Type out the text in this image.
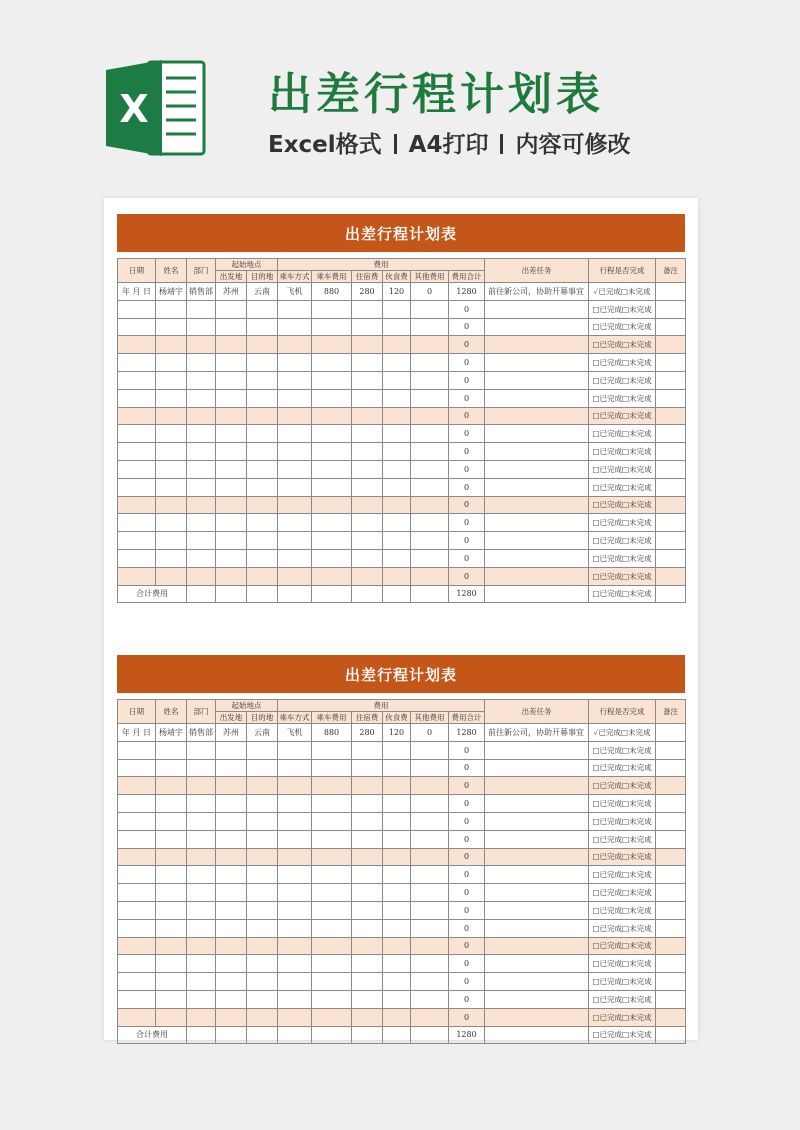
X	出差行程计划表
Excel格式 A4打印 内容可修改
出差行程计划表
日期	姓名	部门	起始地点		费用						出差任务	行程是否完成	备注
			出发地	目的地	乘车方式	乘车费用	住宿费	伙食费	其他费用	费用合计			
年 月 日	杨靖宇	销售部	苏州	云南	飞机	880	280	120	0	1280	前往新公司，协助开幕事宜	✓已完成□未完成	
										0		□已完成□未完成	
										0		□已完成□未完成	
										0		□已完成□未完成	
										0		□已完成□未完成	
										0		□已完成□未完成	
										0		□已完成□未完成	
										0		□已完成□未完成	
										0		□已完成□未完成	
										0		□已完成□未完成	
										0		□已完成□未完成	
										0		□已完成□未完成	
										0		□已完成□未完成	
										0		□已完成□未完成	
										0		□已完成□未完成	
										0		□已完成□未完成	
										0		□已完成□未完成	
合计费用										1280		□已完成□未完成	
出差行程计划表
日期	姓名	部门	起始地点		费用						出差任务	行程是否完成	备注
			出发地	目的地	乘车方式	乘车费用	住宿费	伙食费	其他费用	费用合计			
年 月 日	杨靖宇	销售部	苏州	云南	飞机	880	280	120	0	1280	前往新公司，协助开幕事宜	✓已完成□未完成	
										0		□已完成□未完成	
										0		□已完成□未完成	
										0		□已完成□未完成	
										0		□已完成□未完成	
										0		□已完成□未完成	
										0		□已完成□未完成	
										0		□已完成□未完成	
										0		□已完成□未完成	
										0		□已完成□未完成	
										0		□已完成□未完成	
										0		□已完成□未完成	
										0		□已完成□未完成	
										0		□已完成□未完成	
										0		□已完成□未完成	
										0		□已完成□未完成	
										0		□已完成□未完成	
合计费用										1280		□已完成□未完成	
